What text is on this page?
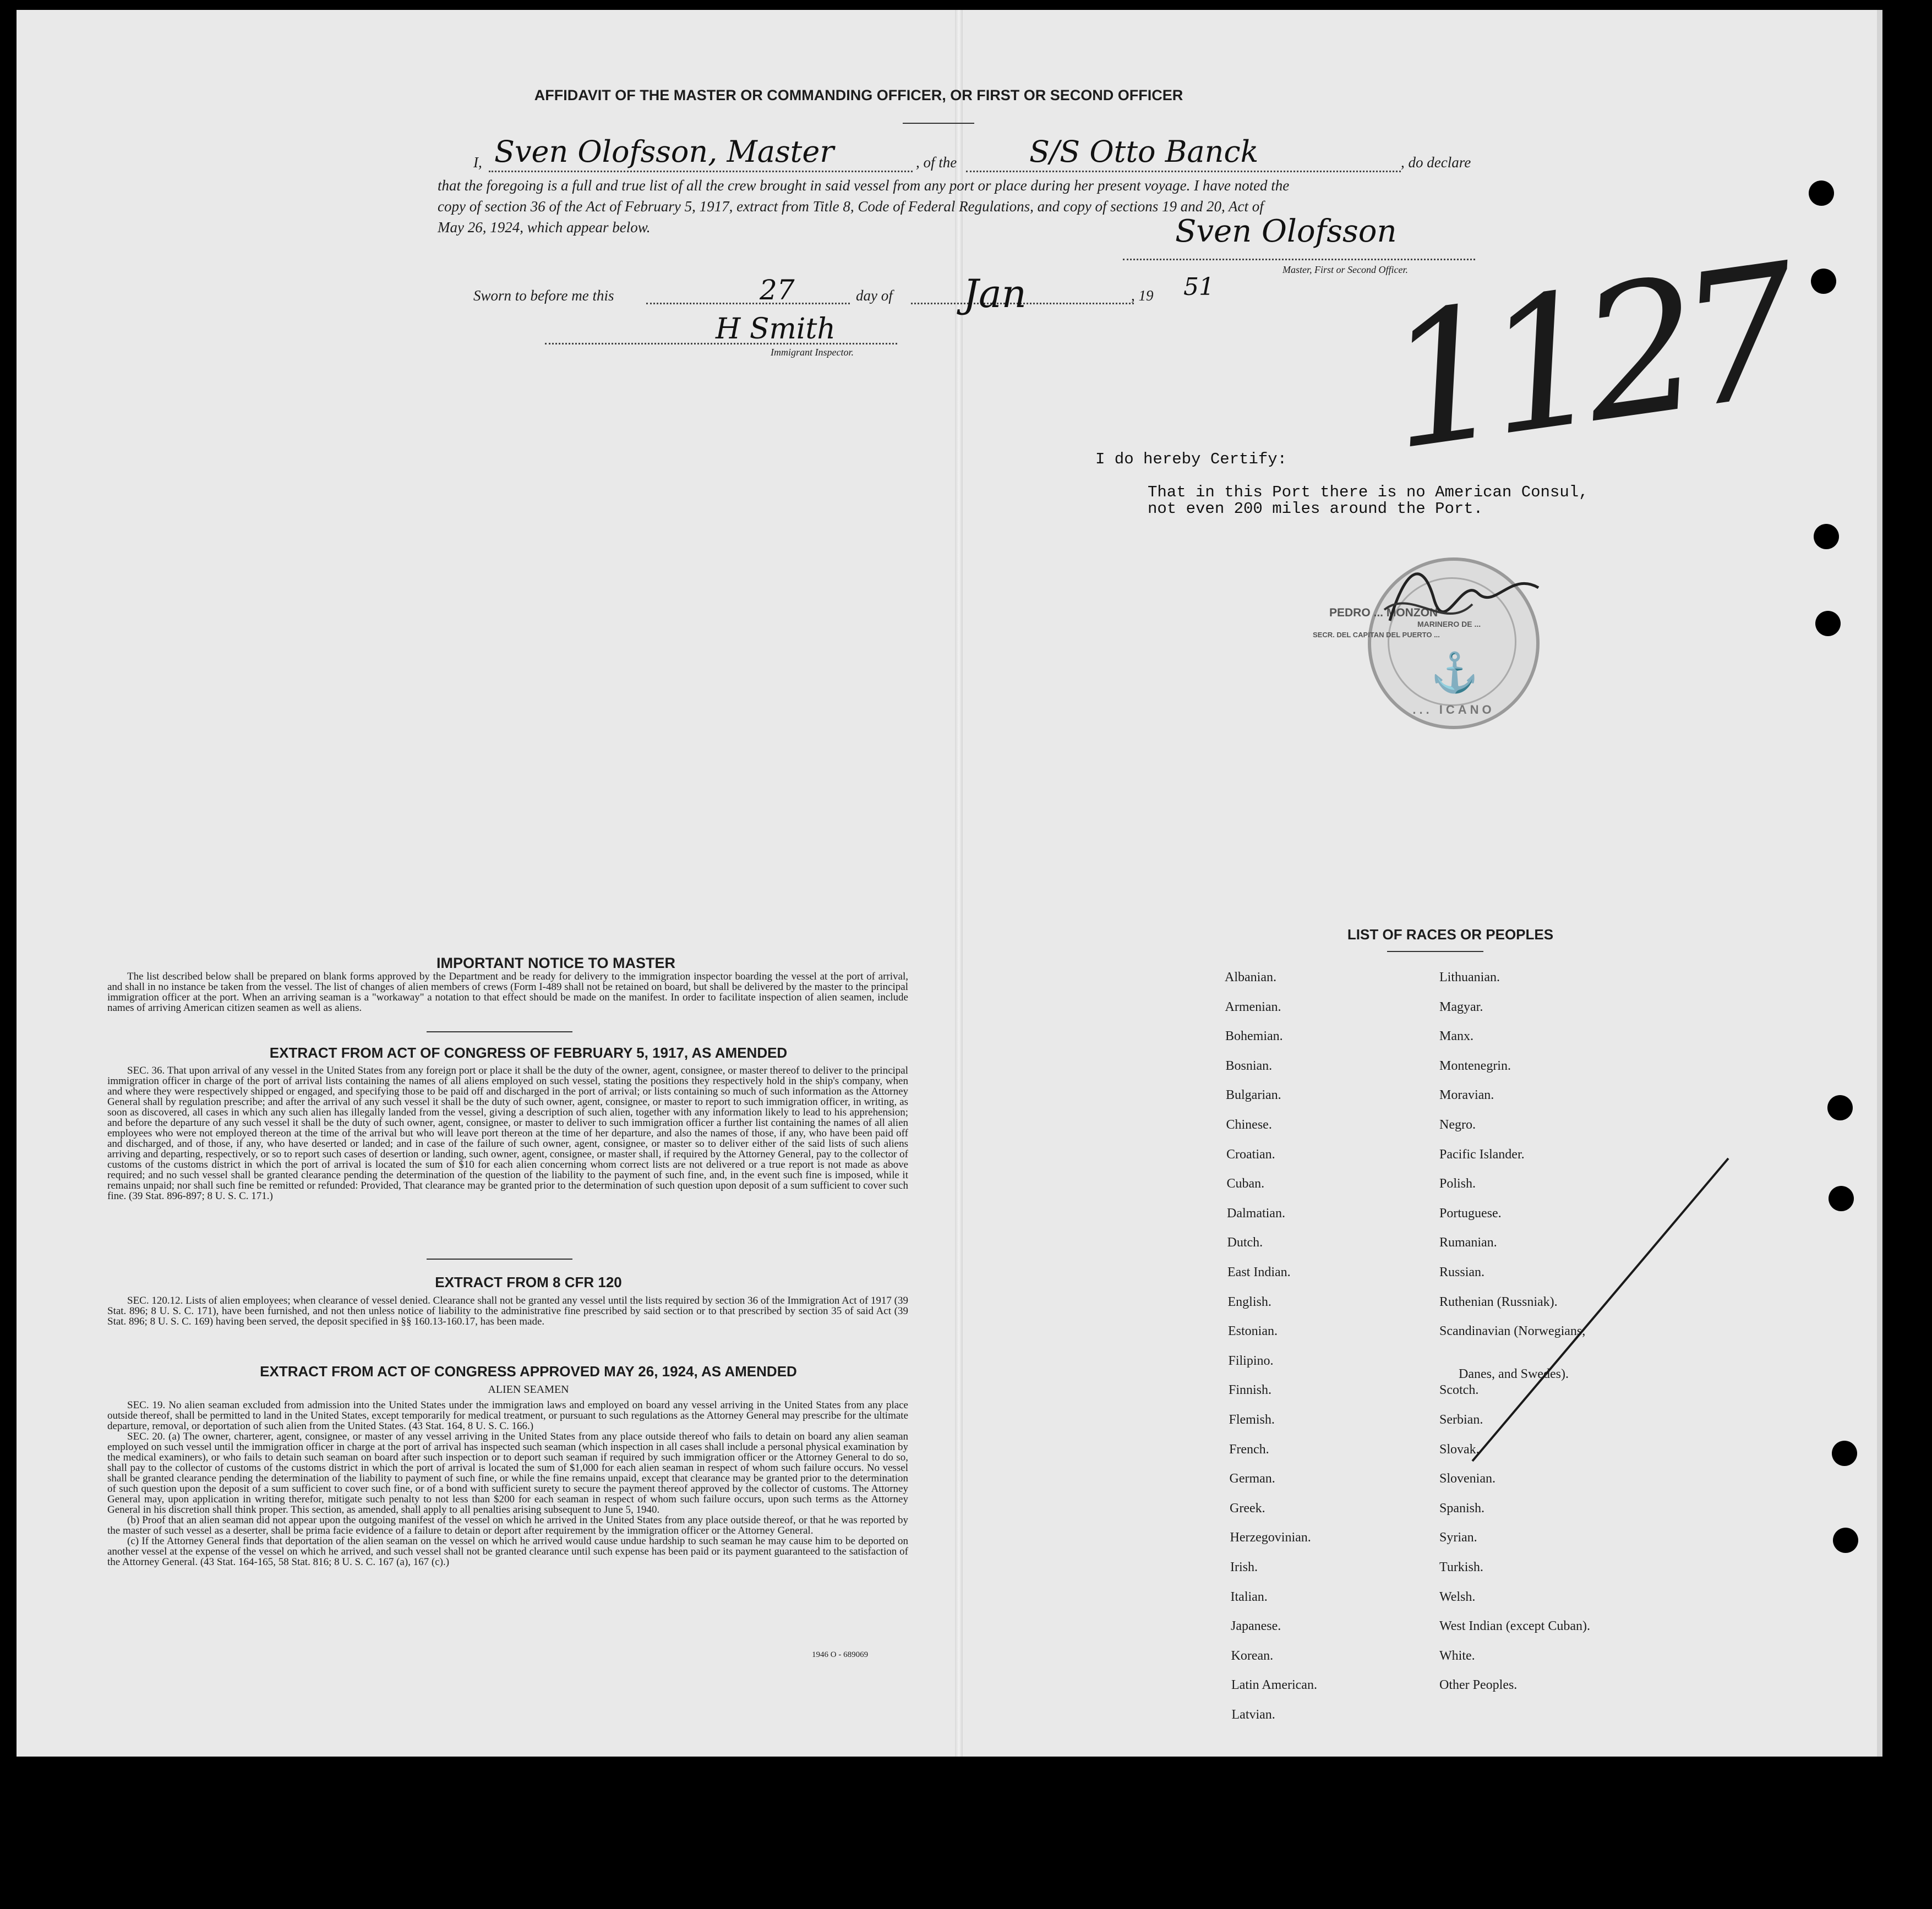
AFFIDAVIT OF THE MASTER OR COMMANDING OFFICER, OR FIRST OR SECOND OFFICER
I, Sven Olofsson, Master	, of the S/S Otto Banck	, do declare
that the foregoing is a full and true list of all the crew brought in said vessel from any port or place during her present voyage. I have noted the
copy of section 36 of the Act of February 5, 1917, extract from Title 8, Code of Federal Regulations, and copy of sections 19 and 20, Act of
May 26, 1924, which appear below.	Sven Olofsson
Master, First or Second Officer.
Sworn to before me this	27	day of Jan	, 19 51
H Smith
Immigrant Inspector.	1127
I do hereby Certify:
That in this Port there is no American Consul,
not even 200 miles around the Port.
... ICANO
⚓
PEDRO ... MONZON
MARINERO DE ...
SECR. DEL CAPITAN DEL PUERTO ...
IMPORTANT NOTICE TO MASTER

The list described below shall be prepared on blank forms approved by the Department and be ready for delivery to the immigration inspector boarding the vessel at the port of arrival, and shall in no instance be taken from the vessel. The list of changes of alien members of crews (Form I-489 shall not be retained on board, but shall be delivered by the master to the principal immigration officer at the port. When an arriving seaman is a "workaway" a notation to that effect should be made on the manifest. In order to facilitate inspection of alien seamen, include names of arriving American citizen seamen as well as aliens.

EXTRACT FROM ACT OF CONGRESS OF FEBRUARY 5, 1917, AS AMENDED

SEC. 36. That upon arrival of any vessel in the United States from any foreign port or place it shall be the duty of the owner, agent, consignee, or master thereof to deliver to the principal immigration officer in charge of the port of arrival lists containing the names of all aliens employed on such vessel, stating the positions they respectively hold in the ship's company, when and where they were respectively shipped or engaged, and specifying those to be paid off and discharged in the port of arrival; or lists containing so much of such information as the Attorney General shall by regulation prescribe; and after the arrival of any such vessel it shall be the duty of such owner, agent, consignee, or master to report to such immigration officer, in writing, as soon as discovered, all cases in which any such alien has illegally landed from the vessel, giving a description of such alien, together with any information likely to lead to his apprehension; and before the departure of any such vessel it shall be the duty of such owner, agent, consignee, or master to deliver to such immigration officer a further list containing the names of all alien employees who were not employed thereon at the time of the arrival but who will leave port thereon at the time of her departure, and also the names of those, if any, who have been paid off and discharged, and of those, if any, who have deserted or landed; and in case of the failure of such owner, agent, consignee, or master so to deliver either of the said lists of such aliens arriving and departing, respectively, or so to report such cases of desertion or landing, such owner, agent, consignee, or master shall, if required by the Attorney General, pay to the collector of customs of the customs district in which the port of arrival is located the sum of $10 for each alien concerning whom correct lists are not delivered or a true report is not made as above required; and no such vessel shall be granted clearance pending the determination of the question of the liability to the payment of such fine, and, in the event such fine is imposed, while it remains unpaid; nor shall such fine be remitted or refunded: Provided, That clearance may be granted prior to the determination of such question upon deposit of a sum sufficient to cover such fine. (39 Stat. 896-897; 8 U. S. C. 171.)

EXTRACT FROM 8 CFR 120

SEC. 120.12. Lists of alien employees; when clearance of vessel denied. Clearance shall not be granted any vessel until the lists required by section 36 of the Immigration Act of 1917 (39 Stat. 896; 8 U. S. C. 171), have been furnished, and not then unless notice of liability to the administrative fine prescribed by said section or to that prescribed by section 35 of said Act (39 Stat. 896; 8 U. S. C. 169) having been served, the deposit specified in §§ 160.13-160.17, has been made.

EXTRACT FROM ACT OF CONGRESS APPROVED MAY 26, 1924, AS AMENDED
ALIEN SEAMEN

SEC. 19. No alien seaman excluded from admission into the United States under the immigration laws and employed on board any vessel arriving in the United States from any place outside thereof, shall be permitted to land in the United States, except temporarily for medical treatment, or pursuant to such regulations as the Attorney General may prescribe for the ultimate departure, removal, or deportation of such alien from the United States. (43 Stat. 164, 8 U. S. C. 166.)

SEC. 20. (a) The owner, charterer, agent, consignee, or master of any vessel arriving in the United States from any place outside thereof who fails to detain on board any alien seaman employed on such vessel until the immigration officer in charge at the port of arrival has inspected such seaman (which inspection in all cases shall include a personal physical examination by the medical examiners), or who fails to detain such seaman on board after such inspection or to deport such seaman if required by such immigration officer or the Attorney General to do so, shall pay to the collector of customs of the customs district in which the port of arrival is located the sum of $1,000 for each alien seaman in respect of whom such failure occurs. No vessel shall be granted clearance pending the determination of the liability to payment of such fine, or while the fine remains unpaid, except that clearance may be granted prior to the determination of such question upon the deposit of a sum sufficient to cover such fine, or of a bond with sufficient surety to secure the payment thereof approved by the collector of customs. The Attorney General may, upon application in writing therefor, mitigate such penalty to not less than $200 for each seaman in respect of whom such failure occurs, upon such terms as the Attorney General in his discretion shall think proper. This section, as amended, shall apply to all penalties arising subsequent to June 5, 1940.

(b) Proof that an alien seaman did not appear upon the outgoing manifest of the vessel on which he arrived in the United States from any place outside thereof, or that he was reported by the master of such vessel as a deserter, shall be prima facie evidence of a failure to detain or deport after requirement by the immigration officer or the Attorney General.

(c) If the Attorney General finds that deportation of the alien seaman on the vessel on which he arrived would cause undue hardship to such seaman he may cause him to be deported on another vessel at the expense of the vessel on which he arrived, and such vessel shall not be granted clearance until such expense has been paid or its payment guaranteed to the satisfaction of the Attorney General. (43 Stat. 164-165, 58 Stat. 816; 8 U. S. C. 167 (a), 167 (c).)

1946 O - 689069
LIST OF RACES OR PEOPLES
Albanian.
Armenian.
Bohemian.
Bosnian.
Bulgarian.
Chinese.
Croatian.
Cuban.
Dalmatian.
Dutch.
East Indian.
English.
Estonian.
Filipino.
Finnish.
Flemish.
French.
German.
Greek.
Herzegovinian.
Irish.
Italian.
Japanese.
Korean.
Latin American.
Latvian.
Lithuanian.
Magyar.
Manx.
Montenegrin.
Moravian.
Negro.
Pacific Islander.
Polish.
Portuguese.
Rumanian.
Russian.
Ruthenian (Russniak).
Scandinavian (Norwegians,
Danes, and Swedes).
Scotch.
Serbian.
Slovak.
Slovenian.
Spanish.
Syrian.
Turkish.
Welsh.
West Indian (except Cuban).
White.
Other Peoples.
